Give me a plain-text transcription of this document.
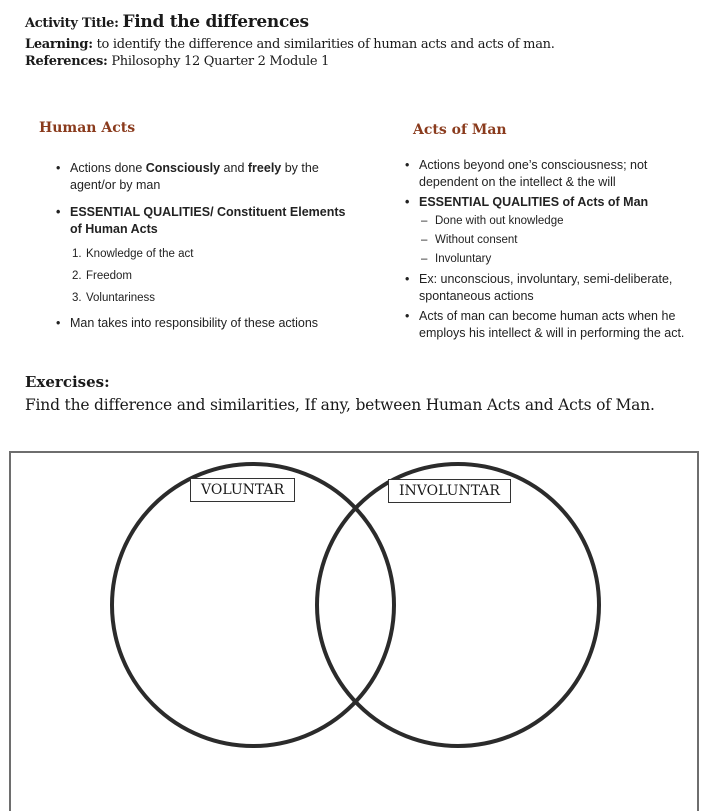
Activity Title: Find the differences
Learning: to identify the difference and similarities of human acts and acts of man.
References: Philosophy 12 Quarter 2 Module 1
Human Acts
• Actions done Consciously and freely by the agent/or by man
• ESSENTIAL QUALITIES/ Constituent Elements of Human Acts
1. Knowledge of the act
2. Freedom
3. Voluntariness
• Man takes into responsibility of these actions
Acts of Man
• Actions beyond one’s consciousness; not dependent on the intellect & the will
• ESSENTIAL QUALITIES of Acts of Man
– Done with out knowledge
– Without consent
– Involuntary
• Ex: unconscious, involuntary, semi-deliberate, spontaneous actions
• Acts of man can become human acts when he employs his intellect & will in performing the act.
Exercises:
Find the difference and similarities, If any, between Human Acts and Acts of Man.
VOLUNTAR	INVOLUNTAR
